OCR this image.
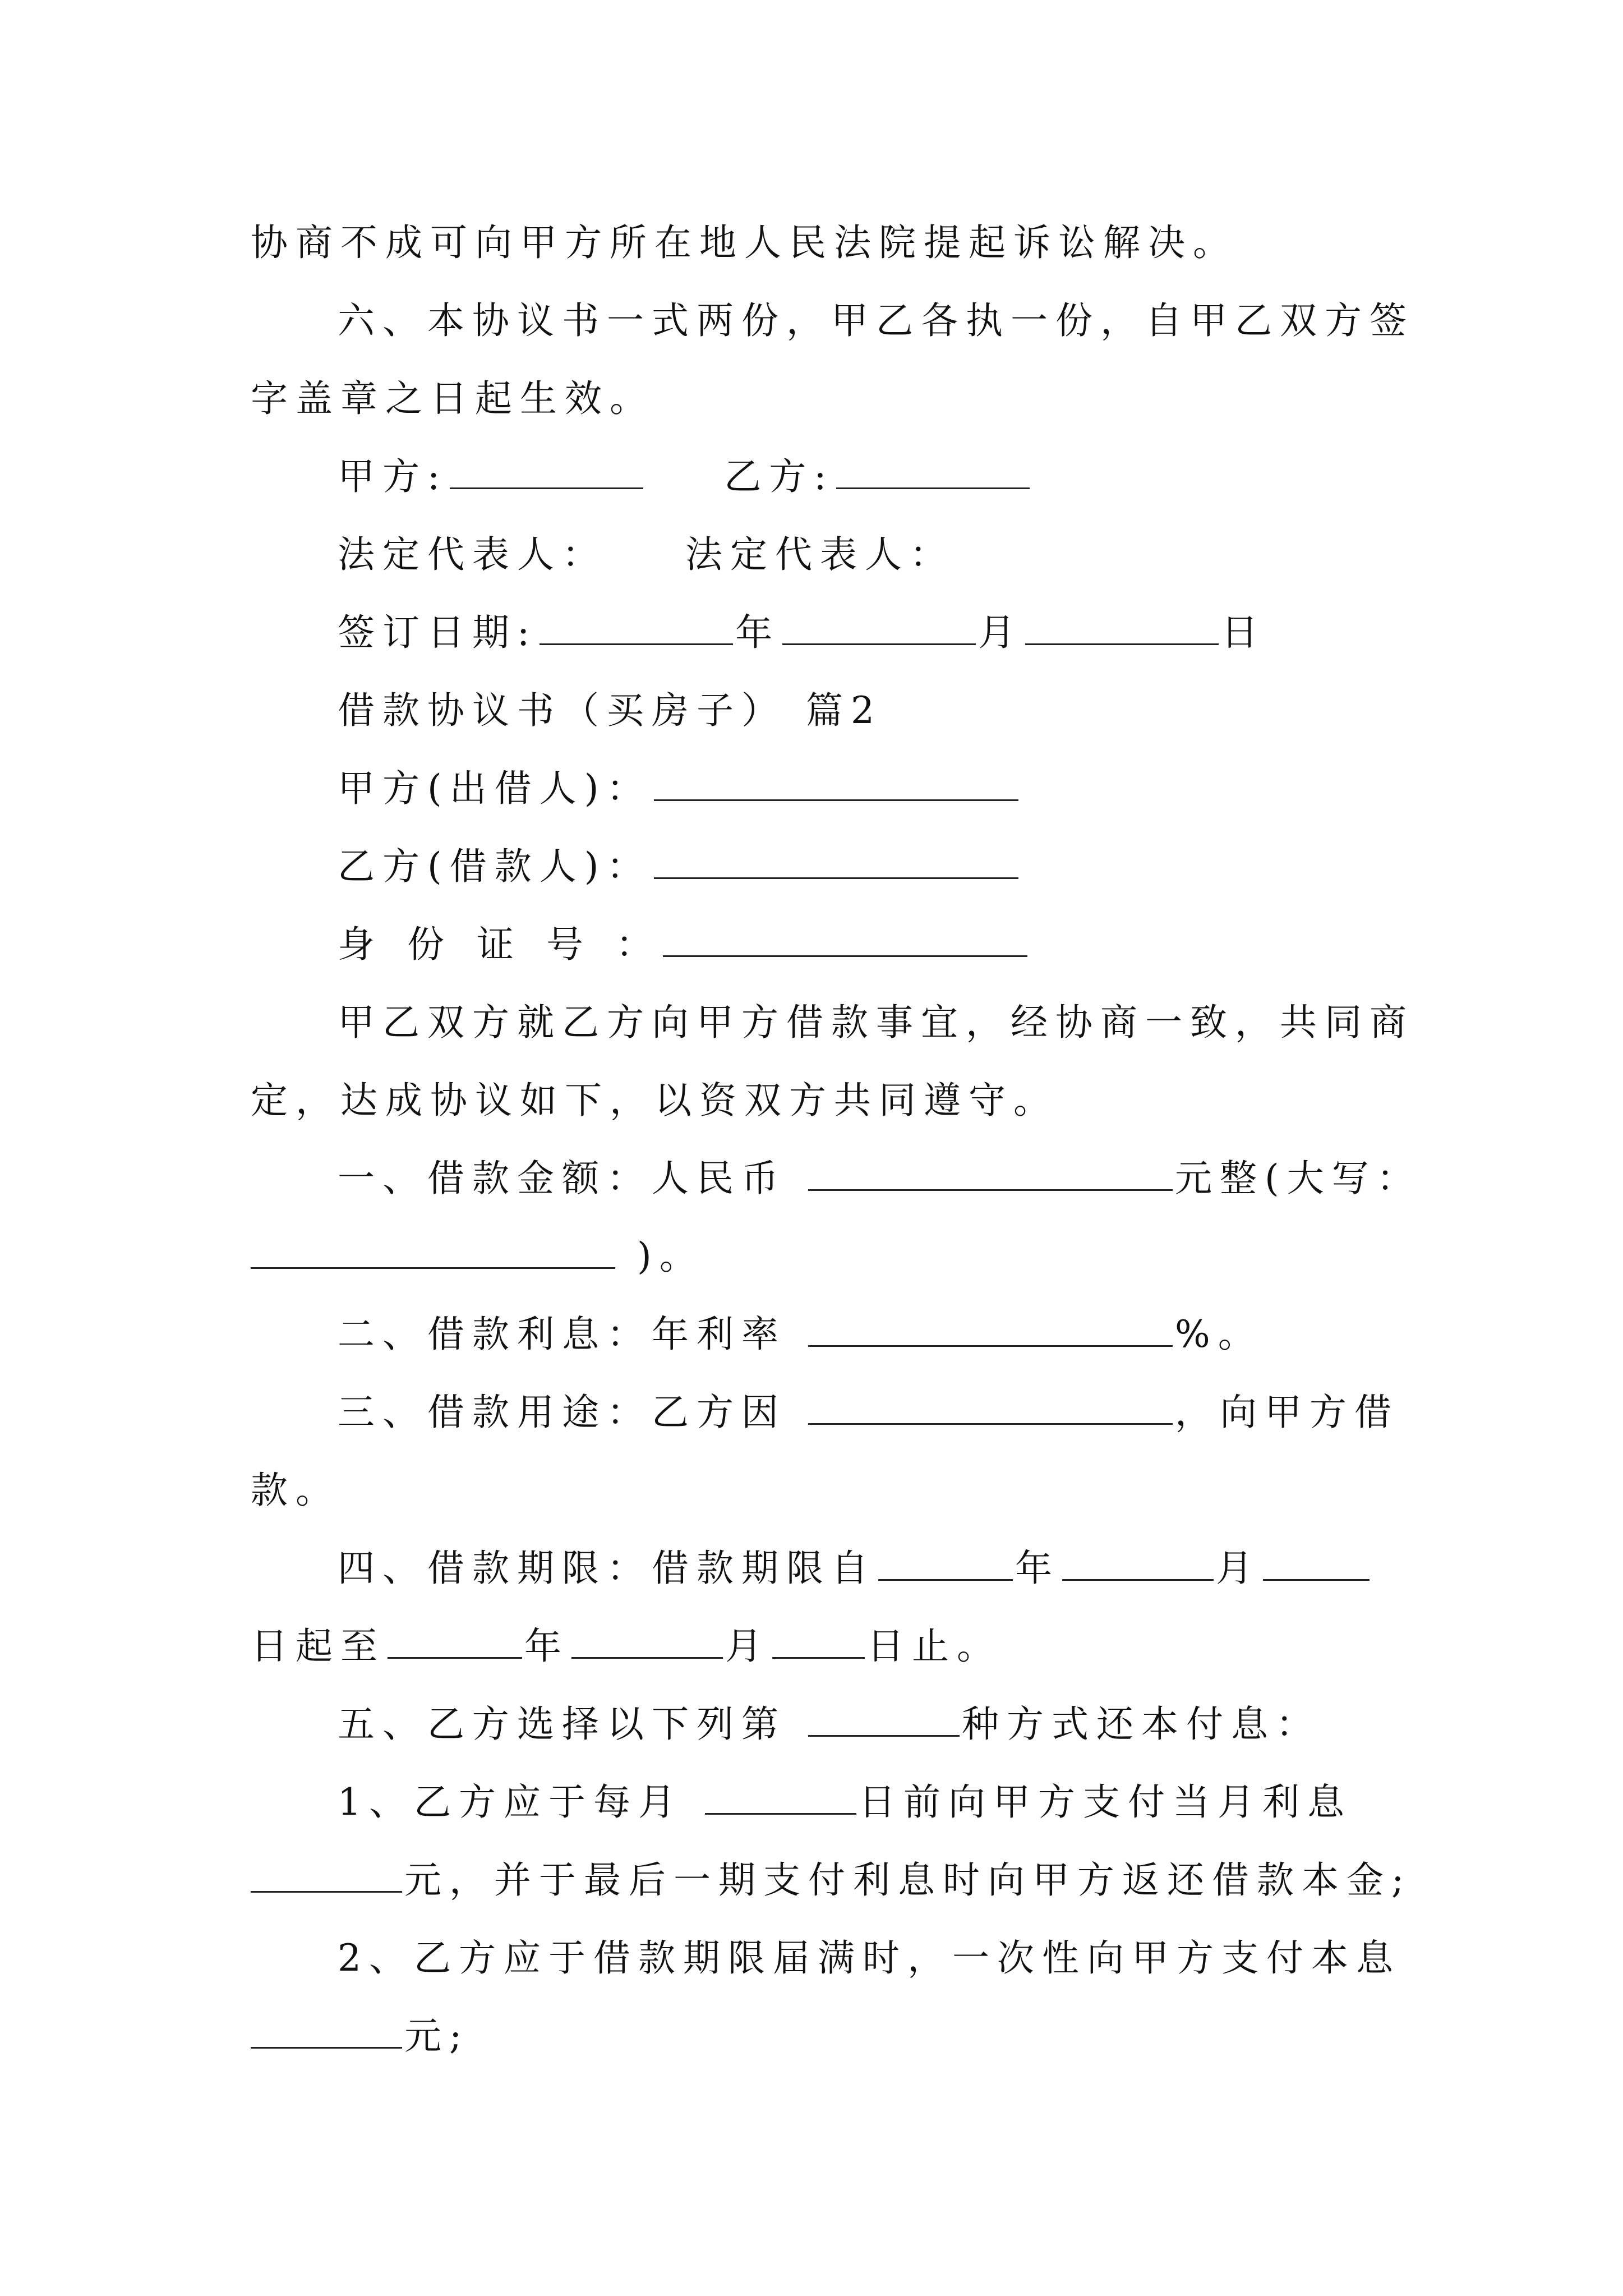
协商不成可向甲方所在地人民法院提起诉讼解决。
六、本协议书一式两份，甲乙各执一份，自甲乙双方签
字盖章之日起生效。
甲方:	乙方:
法定代表人： 法定代表人：
签订日期:	年	月	日
借款协议书（买房子） 篇2
甲方(出借人)：
乙方(借款人)：
身份证号：
甲乙双方就乙方向甲方借款事宜，经协商一致，共同商
定，达成协议如下，以资双方共同遵守。
一、借款金额：人民币	元整(大写：
)。
二、借款利息：年利率	%。
三、借款用途：乙方因	，向甲方借
款。
四、借款期限：借款期限自	年	月
日起至	年	月	日止。
五、乙方选择以下列第	种方式还本付息：
1、乙方应于每月	日前向甲方支付当月利息
元，并于最后一期支付利息时向甲方返还借款本金;
2、乙方应于借款期限届满时，一次性向甲方支付本息
元;
